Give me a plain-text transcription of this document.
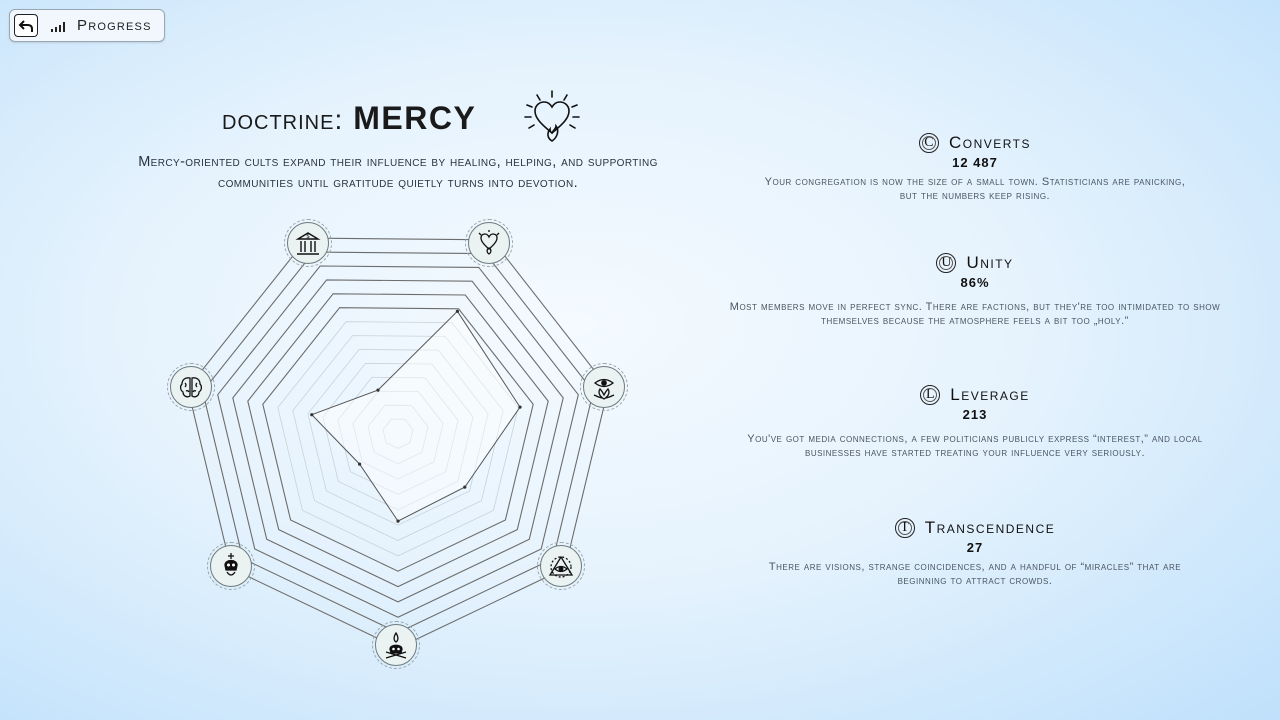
Progress
doctrine: MERCY
Mercy-oriented cults expand their influence by healing, helping, and supporting communities until gratitude quietly turns into devotion.
$
C Converts
12 487
Your congregation is now the size of a small town. Statisticians are panicking, but the numbers keep rising.
U Unity
86%
Most members move in perfect sync. There are factions, but they're too intimidated to show themselves because the atmosphere feels a bit too „holy.”
L Leverage
213
You've got media connections, a few politicians publicly express “interest,” and local businesses have started treating your influence very seriously.
T Transcendence
27
There are visions, strange coincidences, and a handful of “miracles” that are beginning to attract crowds.
